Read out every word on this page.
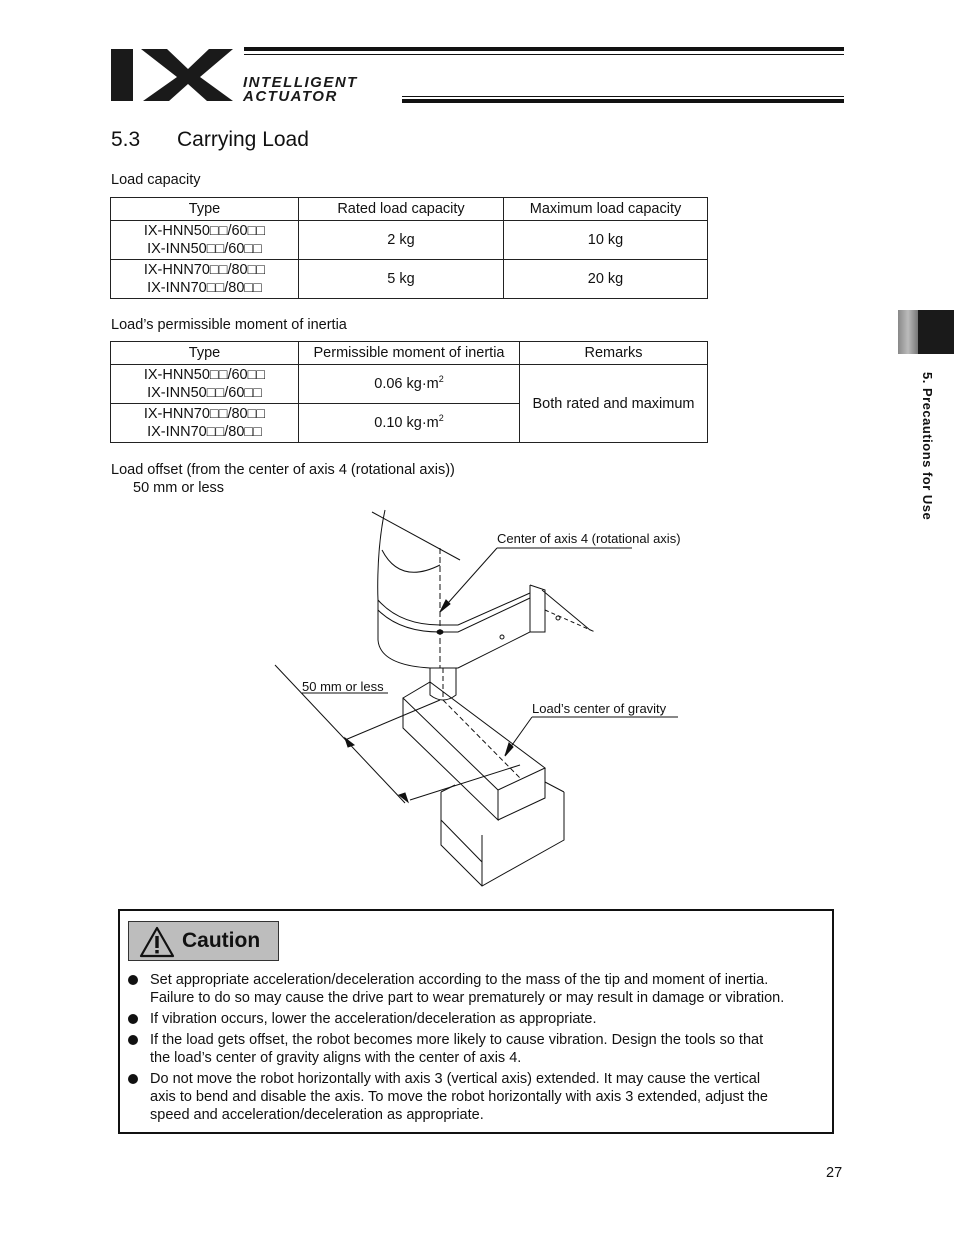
INTELLIGENT
ACTUATOR
5.3 Carrying Load
Load capacity
Type	Rated load capacity	Maximum load capacity

IX-HNN50□□/60□□
IX-INN50□□/60□□	2 kg	10 kg

IX-HNN70□□/80□□
IX-INN70□□/80□□	5 kg	20 kg
Load’s permissible moment of inertia
Type	Permissible moment of inertia	Remarks

IX-HNN50□□/60□□
IX-INN50□□/60□□	0.06 $kg\cdot m^2$	Both rated and maximum

IX-HNN70□□/80□□
IX-INN70□□/80□□	0.10 $kg\cdot m^2$
Load offset (from the center of axis 4 (rotational axis))
50 mm or less	5. Precautions for Use
Center of axis 4 (rotational axis)
50 mm or less
Load’s center of gravity
Caution
Set appropriate acceleration/deceleration according to the mass of the tip and moment of inertia.
Failure to do so may cause the drive part to wear prematurely or may result in damage or vibration.
If vibration occurs, lower the acceleration/deceleration as appropriate.
If the load gets offset, the robot becomes more likely to cause vibration. Design the tools so that
the load’s center of gravity aligns with the center of axis 4.
Do not move the robot horizontally with axis 3 (vertical axis) extended. It may cause the vertical
axis to bend and disable the axis. To move the robot horizontally with axis 3 extended, adjust the
speed and acceleration/deceleration as appropriate.
27
